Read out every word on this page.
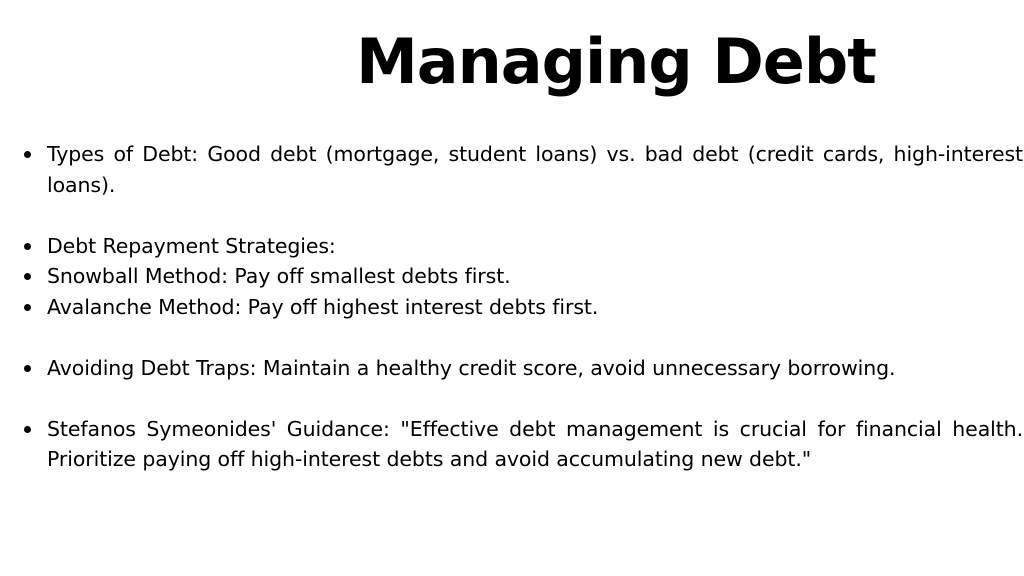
Managing Debt
Types of Debt: Good debt (mortgage, student loans) vs. bad debt (credit cards, high-interest loans).
Debt Repayment Strategies:
Snowball Method: Pay off smallest debts first.
Avalanche Method: Pay off highest interest debts first.
Avoiding Debt Traps: Maintain a healthy credit score, avoid unnecessary borrowing.
Stefanos Symeonides' Guidance: "Effective debt management is crucial for financial health. Prioritize paying off high-interest debts and avoid accumulating new debt."
